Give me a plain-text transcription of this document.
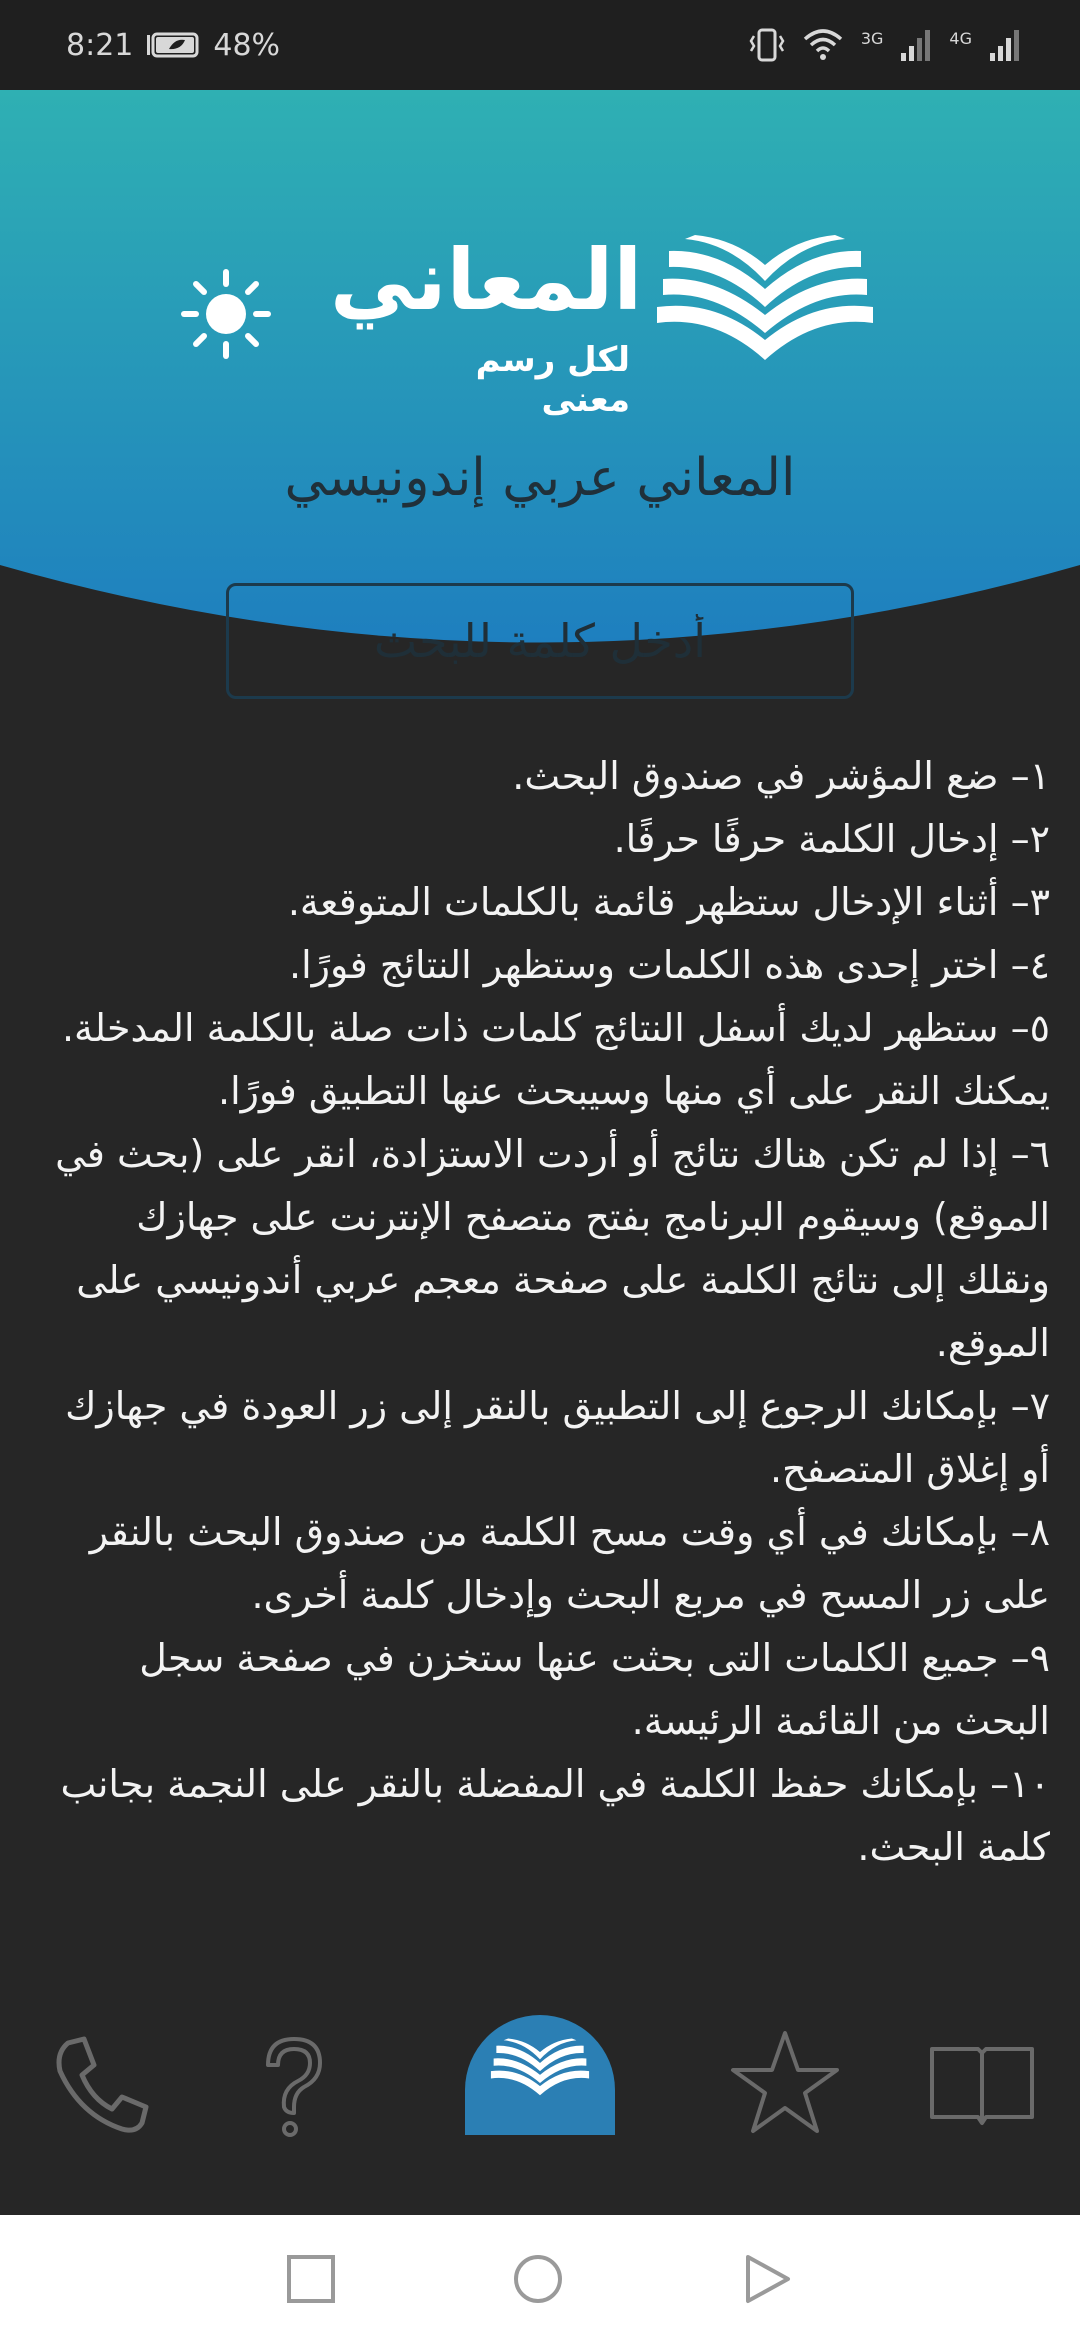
8:21	48%	3G	4G
المعاني
لكل رسم معنى
المعاني عربي إندونيسي
أدخل كلمة للبحث

١– ضع المؤشر في صندوق البحث.

٢– إدخال الكلمة حرفًا حرفًا.

٣– أثناء الإدخال ستظهر قائمة بالكلمات المتوقعة.

٤– اختر إحدى هذه الكلمات وستظهر النتائج فورًا.

٥– ستظهر لديك أسفل النتائج كلمات ذات صلة بالكلمة المدخلة. يمكنك النقر على أي منها وسيبحث عنها التطبيق فورًا.

٦– إذا لم تكن هناك نتائج أو أردت الاستزادة، انقر على (بحث في الموقع) وسيقوم البرنامج بفتح متصفح الإنترنت على جهازك ونقلك إلى نتائج الكلمة على صفحة معجم عربي أندونيسي على الموقع.

٧– بإمكانك الرجوع إلى التطبيق بالنقر إلى زر العودة في جهازك أو إغلاق المتصفح.

٨– بإمكانك في أي وقت مسح الكلمة من صندوق البحث بالنقر على زر المسح في مربع البحث وإدخال كلمة أخرى.

٩– جميع الكلمات التى بحثت عنها ستخزن في صفحة سجل البحث من القائمة الرئيسة.

١٠– بإمكانك حفظ الكلمة في المفضلة بالنقر على النجمة بجانب كلمة البحث.
